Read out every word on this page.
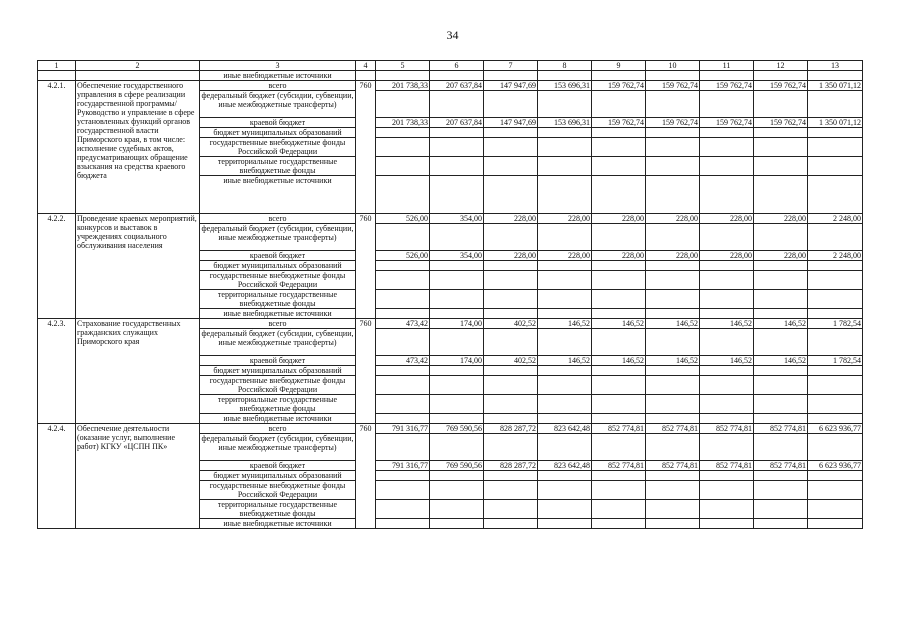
34
1	2	3	4	5	6	7	8	9	10	11	12	13
		иные внебюджетные источники										
4.2.1.	Обеспечение государственного управления в сфере реализации государственной программы/ Руководство и управление в сфере установленных функций органов государственной власти Приморского края, в том числе: исполнение судебных актов, предусматривающих обращение взыскания на средства краевого бюджета	всего	760	201 738,33	207 637,84	147 947,69	153 696,31	159 762,74	159 762,74	159 762,74	159 762,74	1 350 071,12
		федеральный бюджет (субсидии, субвенции, иные межбюджетные трансферты)										
		краевой бюджет		201 738,33	207 637,84	147 947,69	153 696,31	159 762,74	159 762,74	159 762,74	159 762,74	1 350 071,12
		бюджет муниципальных образований										
		государственные внебюджетные фонды Российской Федерации										
		территориальные государственные внебюджетные фонды										
		иные внебюджетные источники										
4.2.2.	Проведение краевых мероприятий, конкурсов и выставок в учреждениях социального обслуживания населения	всего	760	526,00	354,00	228,00	228,00	228,00	228,00	228,00	228,00	2 248,00
		федеральный бюджет (субсидии, субвенции, иные межбюджетные трансферты)										
		краевой бюджет		526,00	354,00	228,00	228,00	228,00	228,00	228,00	228,00	2 248,00
		бюджет муниципальных образований										
		государственные внебюджетные фонды Российской Федерации										
		территориальные государственные внебюджетные фонды										
		иные внебюджетные источники										
4.2.3.	Страхование государственных гражданских служащих Приморского края	всего	760	473,42	174,00	402,52	146,52	146,52	146,52	146,52	146,52	1 782,54
		федеральный бюджет (субсидии, субвенции, иные межбюджетные трансферты)										
		краевой бюджет		473,42	174,00	402,52	146,52	146,52	146,52	146,52	146,52	1 782,54
		бюджет муниципальных образований										
		государственные внебюджетные фонды Российской Федерации										
		территориальные государственные внебюджетные фонды										
		иные внебюджетные источники										
4.2.4.	Обеспечение деятельности (оказание услуг, выполнение работ) КГКУ «ЦСПН ПК»	всего	760	791 316,77	769 590,56	828 287,72	823 642,48	852 774,81	852 774,81	852 774,81	852 774,81	6 623 936,77
		федеральный бюджет (субсидии, субвенции, иные межбюджетные трансферты)										
		краевой бюджет		791 316,77	769 590,56	828 287,72	823 642,48	852 774,81	852 774,81	852 774,81	852 774,81	6 623 936,77
		бюджет муниципальных образований										
		государственные внебюджетные фонды Российской Федерации										
		территориальные государственные внебюджетные фонды										
		иные внебюджетные источники										
